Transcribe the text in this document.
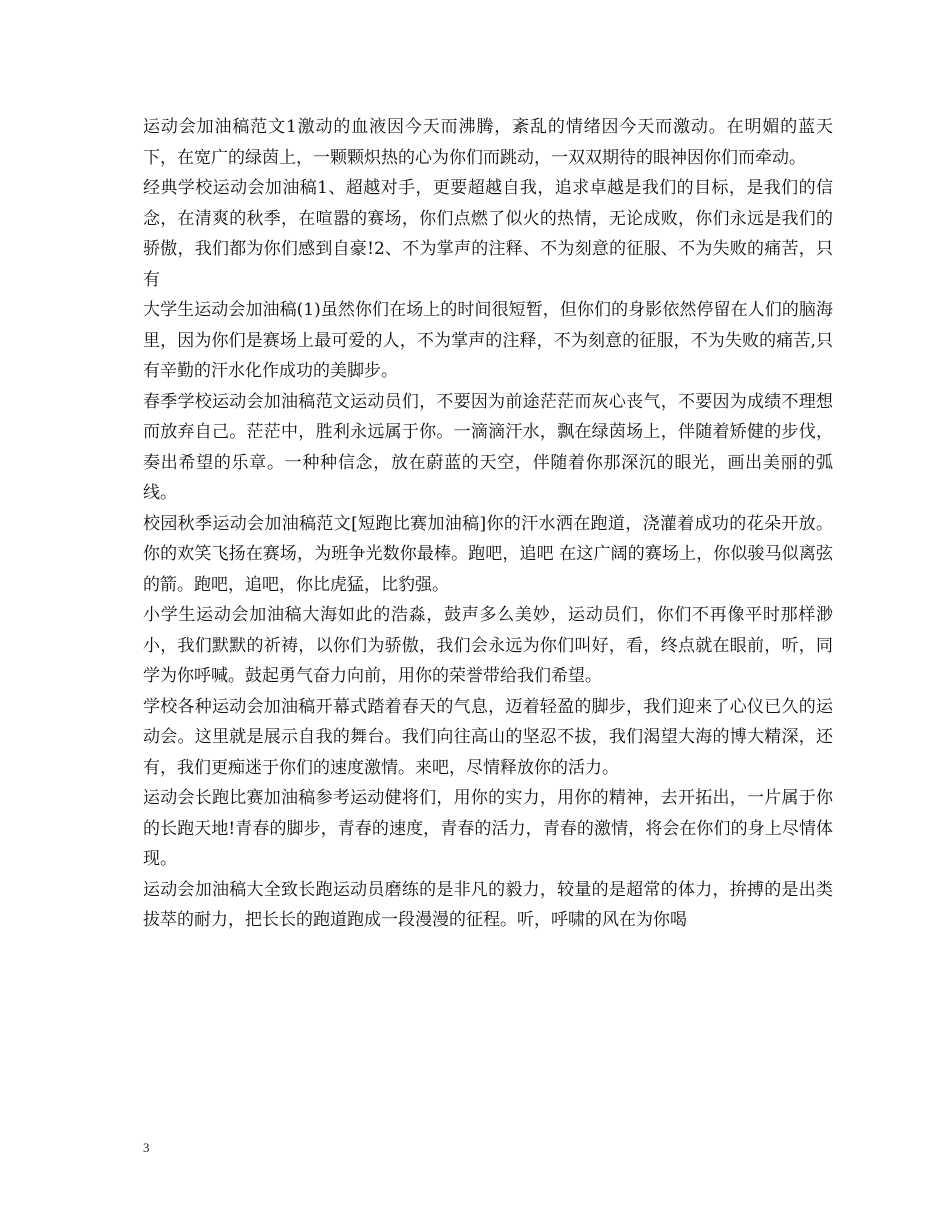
运动会加油稿范文1激动的血液因今天而沸腾，紊乱的情绪因今天而激动。在明媚的蓝天下，在宽广的绿茵上，一颗颗炽热的心为你们而跳动，一双双期待的眼神因你们而牵动。

经典学校运动会加油稿1、超越对手，更要超越自我，追求卓越是我们的目标，是我们的信念，在清爽的秋季，在喧嚣的赛场，你们点燃了似火的热情，无论成败，你们永远是我们的骄傲，我们都为你们感到自豪!2、不为掌声的注释、不为刻意的征服、不为失败的痛苦，只有

大学生运动会加油稿(1)虽然你们在场上的时间很短暂，但你们的身影依然停留在人们的脑海里，因为你们是赛场上最可爱的人，不为掌声的注释，不为刻意的征服，不为失败的痛苦,只有辛勤的汗水化作成功的美脚步。

春季学校运动会加油稿范文运动员们，不要因为前途茫茫而灰心丧气，不要因为成绩不理想而放弃自己。茫茫中，胜利永远属于你。一滴滴汗水，飘在绿茵场上，伴随着矫健的步伐，奏出希望的乐章。一种种信念，放在蔚蓝的天空，伴随着你那深沉的眼光，画出美丽的弧线。

校园秋季运动会加油稿范文[短跑比赛加油稿]你的汗水洒在跑道，浇灌着成功的花朵开放。你的欢笑飞扬在赛场，为班争光数你最棒。跑吧，追吧 在这广阔的赛场上，你似骏马似离弦的箭。跑吧，追吧，你比虎猛，比豹强。

小学生运动会加油稿大海如此的浩淼，鼓声多么美妙，运动员们，你们不再像平时那样渺小，我们默默的祈祷，以你们为骄傲，我们会永远为你们叫好，看，终点就在眼前，听，同学为你呼喊。鼓起勇气奋力向前，用你的荣誉带给我们希望。

学校各种运动会加油稿开幕式踏着春天的气息，迈着轻盈的脚步，我们迎来了心仪已久的运动会。这里就是展示自我的舞台。我们向往高山的坚忍不拔，我们渴望大海的博大精深，还有，我们更痴迷于你们的速度激情。来吧，尽情释放你的活力。

运动会长跑比赛加油稿参考运动健将们，用你的实力，用你的精神，去开拓出，一片属于你的长跑天地!青春的脚步，青春的速度，青春的活力，青春的激情，将会在你们的身上尽情体现。

运动会加油稿大全致长跑运动员磨练的是非凡的毅力，较量的是超常的体力，拚搏的是出类拔萃的耐力，把长长的跑道跑成一段漫漫的征程。听，呼啸的风在为你喝

3
